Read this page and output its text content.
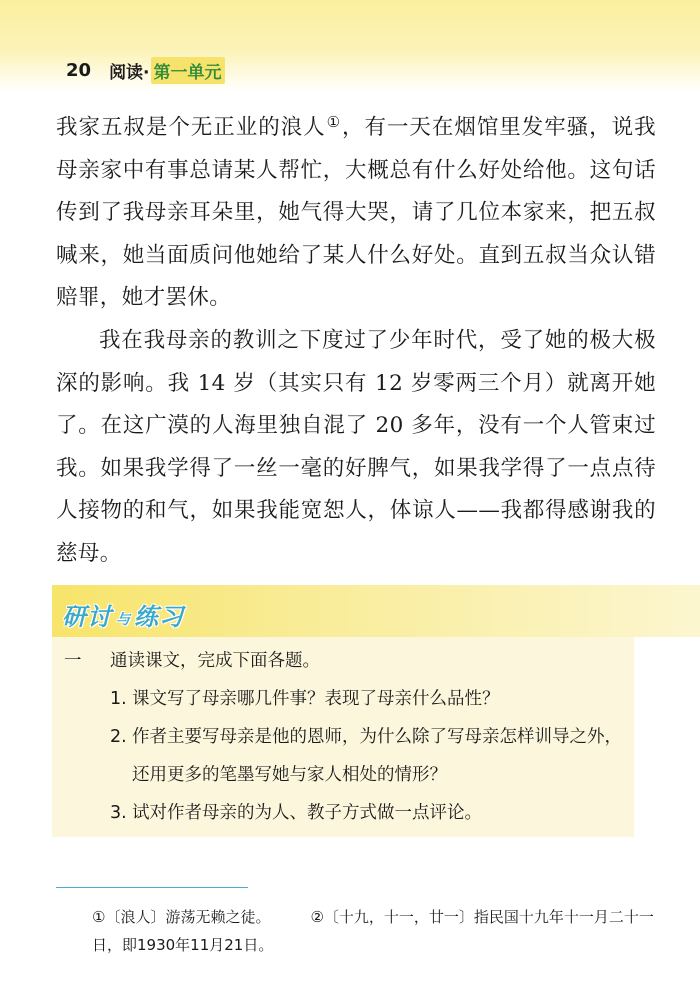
20 阅读· 第一单元

我家五叔是个无正业的浪人①，有一天在烟馆里发牢骚，说我母亲家中有事总请某人帮忙，大概总有什么好处给他。这句话传到了我母亲耳朵里，她气得大哭，请了几位本家来，把五叔喊来，她当面质问他她给了某人什么好处。直到五叔当众认错赔罪，她才罢休。

我在我母亲的教训之下度过了少年时代，受了她的极大极深的影响。我 14 岁（其实只有 12 岁零两三个月）就离开她了。在这广漠的人海里独自混了 20 多年，没有一个人管束过我。如果我学得了一丝一毫的好脾气，如果我学得了一点点待人接物的和气，如果我能宽恕人，体谅人——我都得感谢我的慈母。

研讨 与 练习
一	通读课文，完成下面各题。
1. 课文写了母亲哪几件事？表现了母亲什么品性？
2. 作者主要写母亲是他的恩师，为什么除了写母亲怎样训导之外，还用更多的笔墨写她与家人相处的情形？
3. 试对作者母亲的为人、教子方式做一点评论。
①〔浪人〕游荡无赖之徒。	②〔十九，十一，廿一〕指民国十九年十一月二十一日，即1930年11月21日。
